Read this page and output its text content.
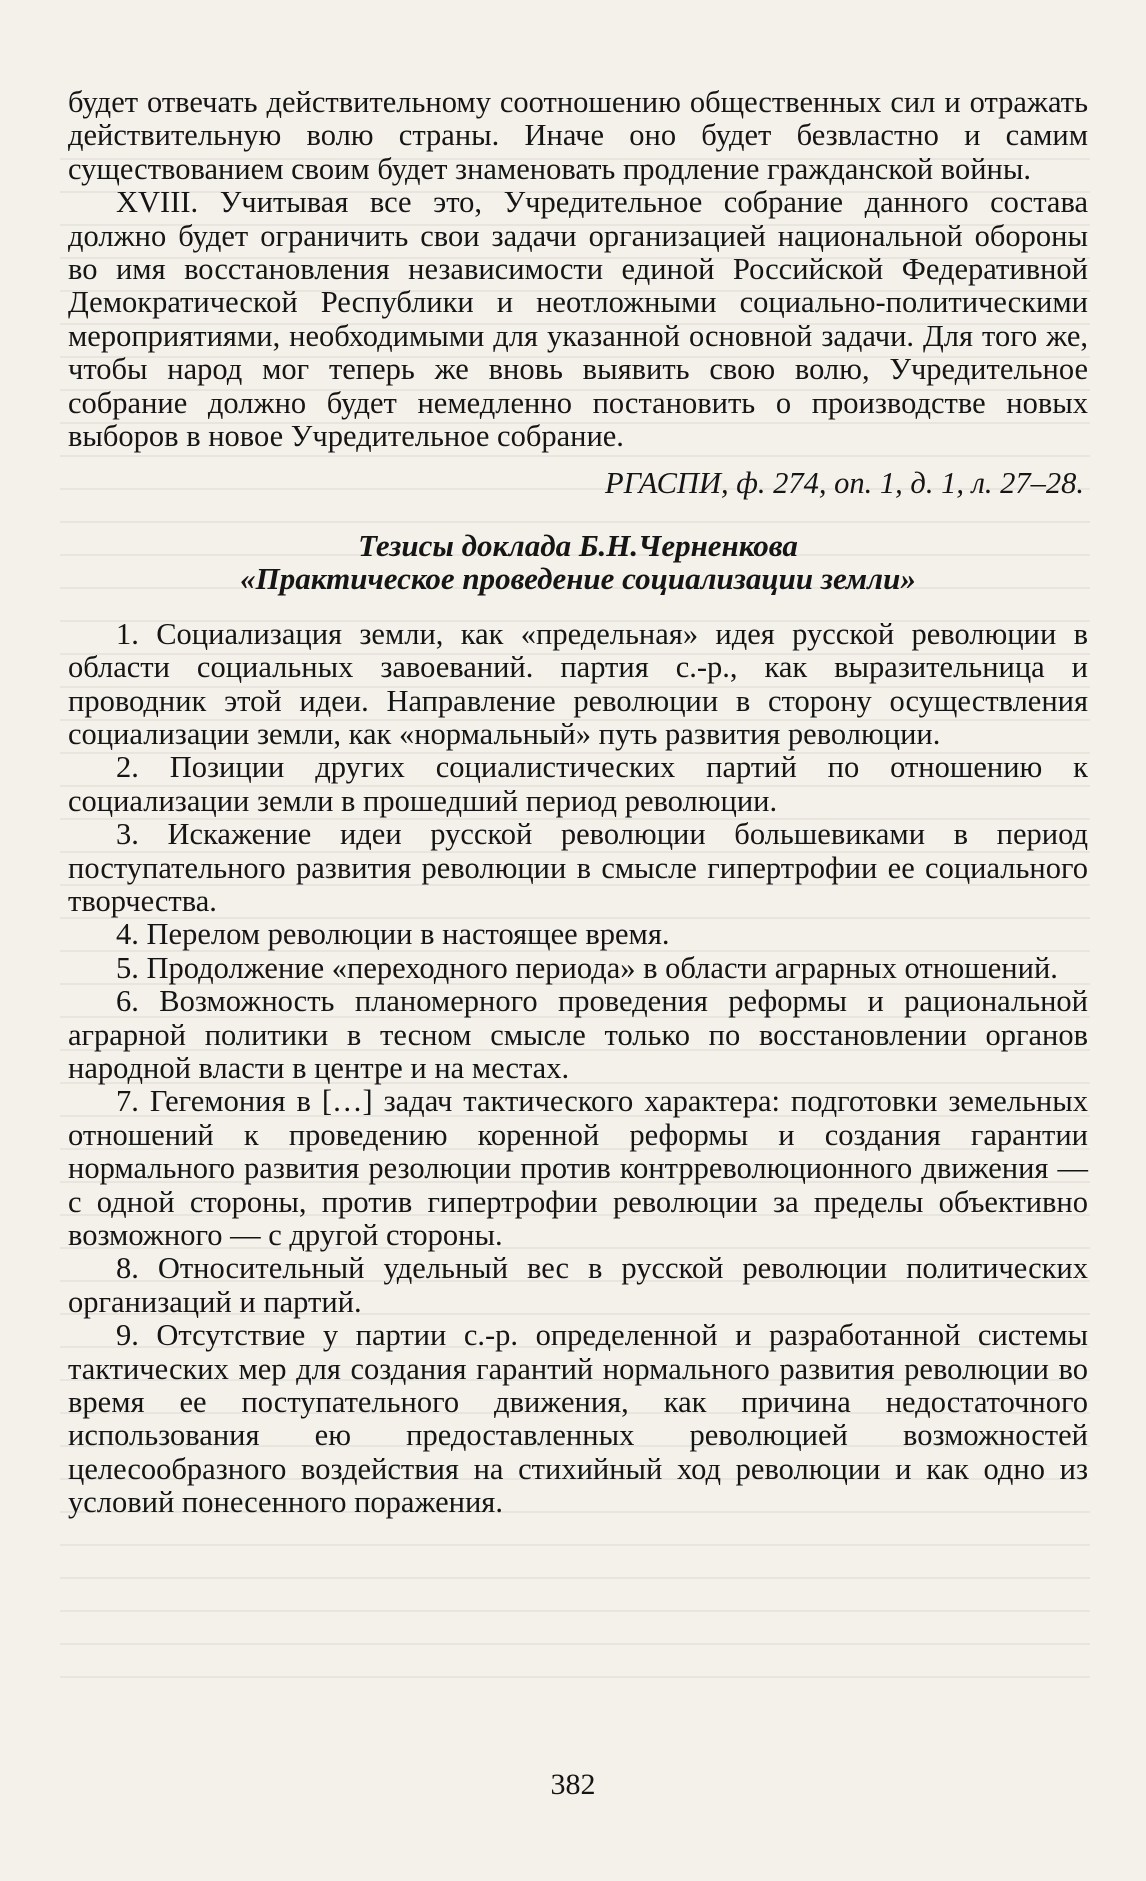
будет отвечать действительному соотношению общественных сил и отражать действительную волю страны. Иначе оно будет безвластно и самим существованием своим будет знаменовать продление гражданской войны.

XVIII. Учитывая все это, Учредительное собрание данного состава должно будет ограничить свои задачи организацией национальной обороны во имя восстановления независимости единой Российской Федеративной Демократической Республики и неотложными социально-политическими мероприятиями, необходимыми для указанной основной задачи. Для того же, чтобы народ мог теперь же вновь выявить свою волю, Учредительное собрание должно будет немедленно постановить о производстве новых выборов в новое Учредительное собрание.

РГАСПИ, ф. 274, оп. 1, д. 1, л. 27–28.

Тезисы доклада Б.Н.Черненкова
«Практическое проведение социализации земли»
1. Социализация земли, как «предельная» идея русской революции в области социальных завоеваний. партия с.-р., как выразительница и проводник этой идеи. Направление революции в сторону осуществления социализации земли, как «нормальный» путь развития революции.
2. Позиции других социалистических партий по отношению к социализации земли в прошедший период революции.
3. Искажение идеи русской революции большевиками в период поступательного развития революции в смысле гипертрофии ее социального творчества.
4. Перелом революции в настоящее время.
5. Продолжение «переходного периода» в области аграрных отношений.
6. Возможность планомерного проведения реформы и рациональной аграрной политики в тесном смысле только по восстановлении органов народной власти в центре и на местах.
7. Гегемония в […] задач тактического характера: подготовки земельных отношений к проведению коренной реформы и создания гарантии нормального развития резолюции против контрреволюционного движения — с одной стороны, против гипертрофии революции за пределы объективно возможного — с другой стороны.
8. Относительный удельный вес в русской революции политических организаций и партий.
9. Отсутствие у партии с.-р. определенной и разработанной системы тактических мер для создания гарантий нормального развития революции во время ее поступательного движения, как причина недостаточного использования ею предоставленных революцией возможностей целесообразного воздействия на стихийный ход революции и как одно из условий понесенного поражения.
382
